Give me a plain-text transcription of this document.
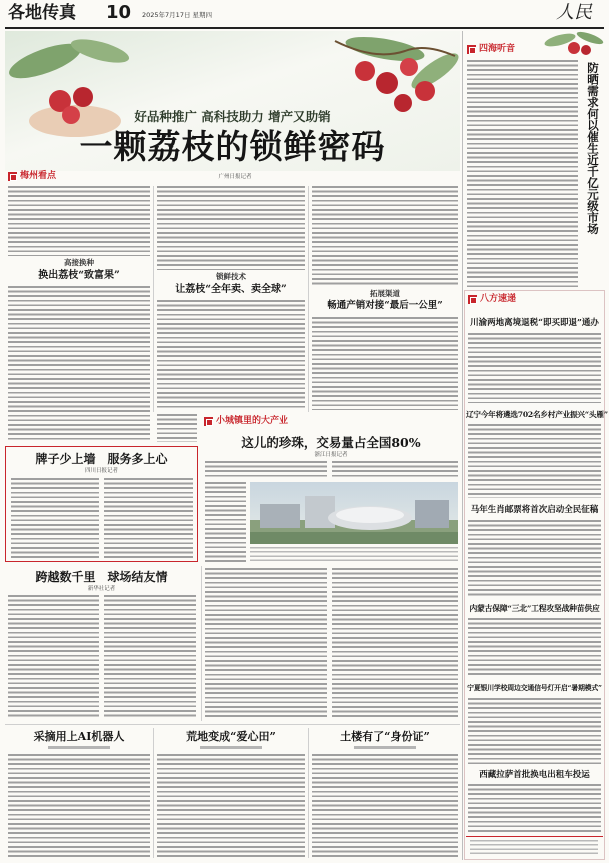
各地传真 10 2025年7月17日 星期四	人民
好品种推广 高科技助力 增产又助销
一颗荔枝的锁鲜密码
广州日报记者
梅州看点
高接换种
换出荔枝“致富果”	锁鲜技术
让荔枝“全年卖、卖全球”	拓展渠道
畅通产销对接“最后一公里”
牌子少上墙　服务多上心
四川日报记者
小城镇里的大产业
这儿的珍珠，交易量占全国80%
浙江日报记者
跨越数千里　球场结友情
新华社记者
采摘用上AI机器人	荒地变成“爱心田”	土楼有了“身份证”
四海听音
防晒需求何以催生近千亿元级市场
八方速递
川渝两地离境退税“即买即退”通办
辽宁今年将遴选702名乡村产业振兴“头雁”
马年生肖邮票将首次启动全民征稿
内蒙古保障“三北”工程攻坚战种苗供应
宁夏银川学校周边交通信号灯开启“暑期模式”
西藏拉萨首批换电出租车投运
